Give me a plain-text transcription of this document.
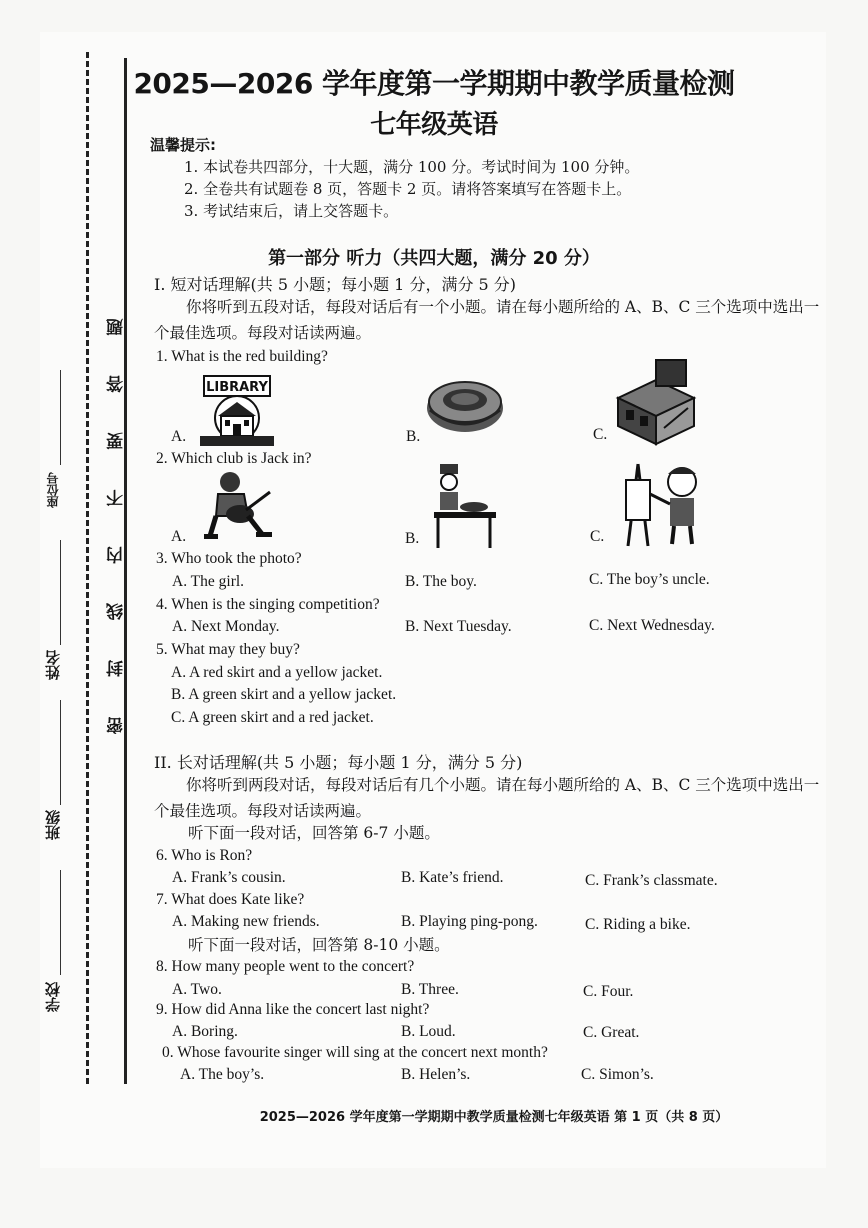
密 封 线 内 不 要 答 题
学校
班级
姓名
座位号
2025—2026 学年度第一学期期中教学质量检测
七年级英语
温馨提示:
1. 本试卷共四部分，十大题，满分 100 分。考试时间为 100 分钟。
2. 全卷共有试题卷 8 页，答题卡 2 页。请将答案填写在答题卡上。
3. 考试结束后，请上交答题卡。
第一部分 听力（共四大题，满分 20 分）
I. 短对话理解(共 5 小题；每小题 1 分，满分 5 分)
你将听到五段对话，每段对话后有一个小题。请在每小题所给的 A、B、C 三个选项中选出一个最佳选项。每段对话读两遍。
1. What is the red building?
A.	B.	C.
LIBRARY
2. Which club is Jack in?
A.	B.	C.
3. Who took the photo?
A. The girl.	B. The boy.	C. The boy’s uncle.
4. When is the singing competition?
A. Next Monday.	B. Next Tuesday.	C. Next Wednesday.
5. What may they buy?
A. A red skirt and a yellow jacket.
B. A green skirt and a yellow jacket.
C. A green skirt and a red jacket.
II. 长对话理解(共 5 小题；每小题 1 分，满分 5 分)
你将听到两段对话，每段对话后有几个小题。请在每小题所给的 A、B、C 三个选项中选出一个最佳选项。每段对话读两遍。
听下面一段对话，回答第 6-7 小题。
6. Who is Ron?
A. Frank’s cousin.	B. Kate’s friend.	C. Frank’s classmate.
7. What does Kate like?
A. Making new friends.	B. Playing ping-pong.	C. Riding a bike.
听下面一段对话，回答第 8-10 小题。
8. How many people went to the concert?
A. Two.	B. Three.	C. Four.
9. How did Anna like the concert last night?
A. Boring.	B. Loud.	C. Great.
0. Whose favourite singer will sing at the concert next month?
A. The boy’s.	B. Helen’s.	C. Simon’s.
2025—2026 学年度第一学期期中教学质量检测七年级英语 第 1 页（共 8 页）
